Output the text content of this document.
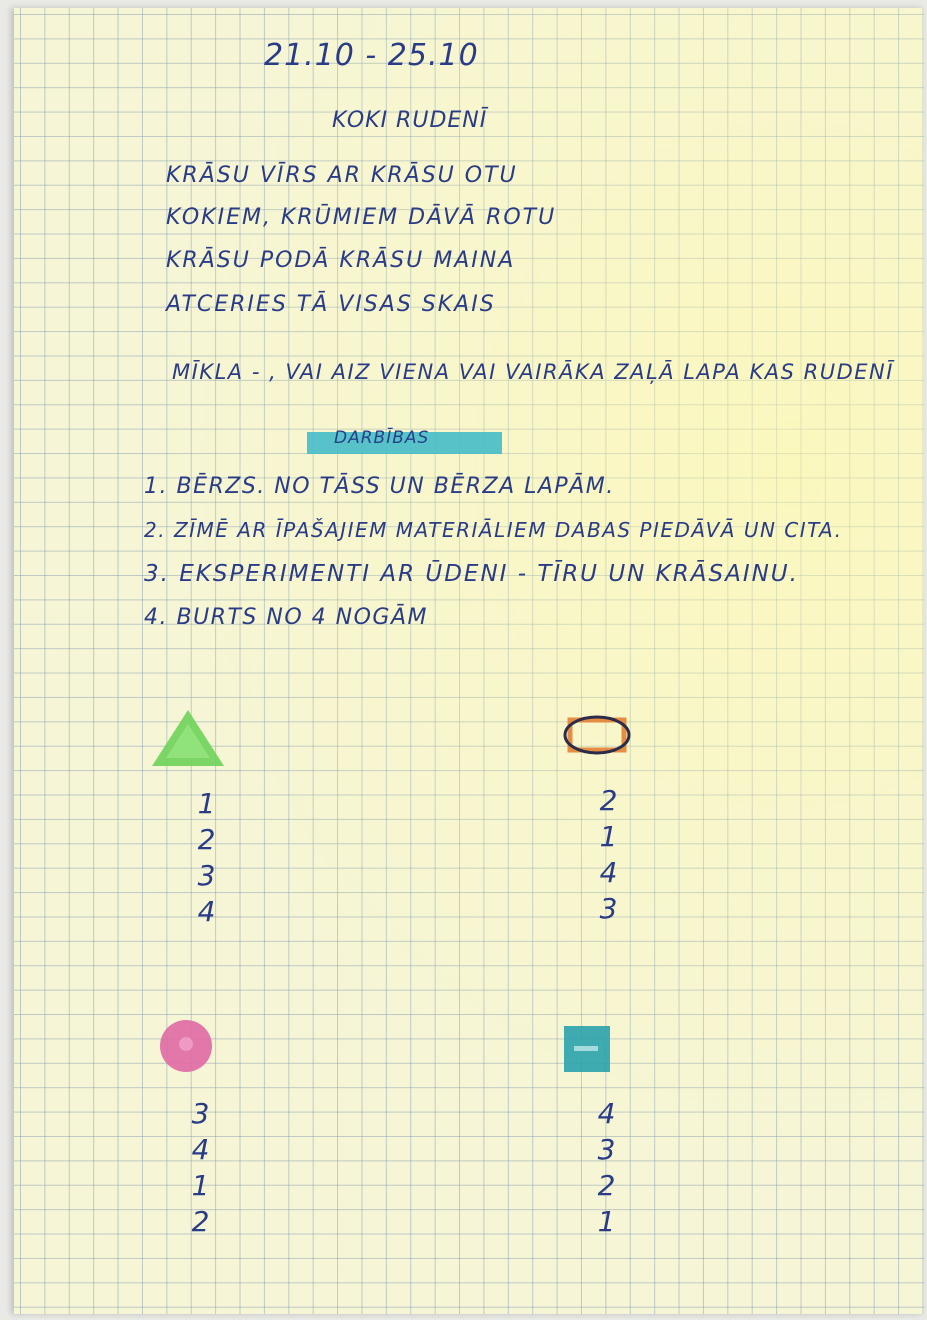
21.10 - 25.10
KOKI RUDENĪ
KRĀSU VĪRS AR KRĀSU OTU
KOKIEM, KRŪMIEM DĀVĀ ROTU
KRĀSU PODĀ KRĀSU MAINA
ATCERIES TĀ VISAS SKAIS
MĪKLA - , VAI AIZ VIENA VAI VAIRĀKA ZAĻĀ LAPA KAS RUDENĪ
DARBĪBAS
1. BĒRZS. NO TĀSS UN BĒRZA LAPĀM.
2. ZĪMĒ AR ĪPAŠAJIEM MATERIĀLIEM DABAS PIEDĀVĀ UN CITA.
3. EKSPERIMENTI AR ŪDENI - TĪRU UN KRĀSAINU.
4. BURTS NO 4 NOGĀM
1
2
3
4
2
1
4
3
3
4
1
2
4
3
2
1
